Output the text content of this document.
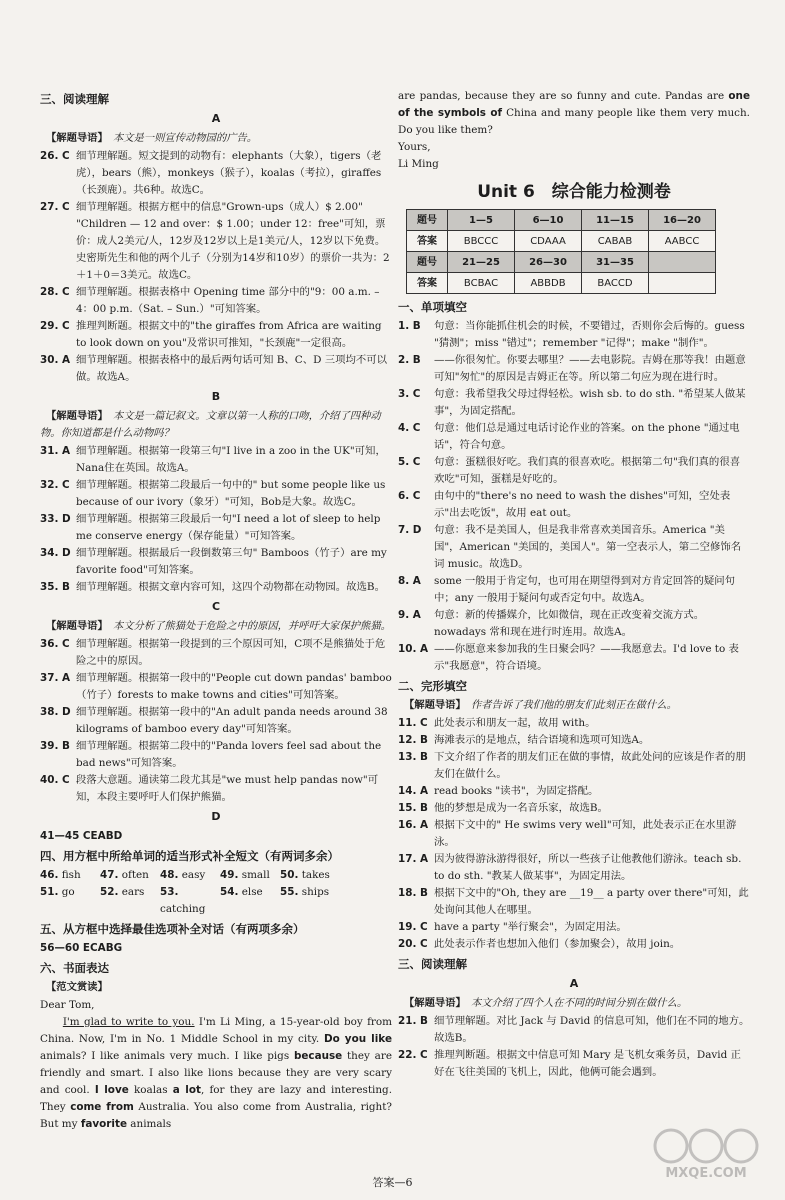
三、阅读理解
A
【解题导语】　 本文是一则宣传动物园的广告。
26. C 细节理解题。短文提到的动物有：elephants（大象），tigers（老虎），bears（熊），monkeys（猴子），koalas（考拉），giraffes（长颈鹿）。共6种。故选C。
27. C 细节理解题。根据方框中的信息"Grown-ups（成人）$ 2.00" "Children — 12 and over：$ 1.00；under 12：free"可知，票价：成人2美元/人，12岁及12岁以上是1美元/人，12岁以下免费。史密斯先生和他的两个儿子（分别为14岁和10岁）的票价一共为：2＋1＋0＝3美元。故选C。
28. C 细节理解题。根据表格中 Opening time 部分中的"9：00 a.m. – 4：00 p.m.（Sat. – Sun.）"可知答案。
29. C 推理判断题。根据文中的"the giraffes from Africa are waiting to look down on you"及常识可推知，"长颈鹿"一定很高。
30. A 细节理解题。根据表格中的最后两句话可知 B、C、D 三项均不可以做。故选A。
B
【解题导语】　 本文是一篇记叙文。文章以第一人称的口吻，介绍了四种动物。你知道都是什么动物吗？
31. A 细节理解题。根据第一段第三句"I live in a zoo in the UK"可知，Nana住在英国。故选A。
32. C 细节理解题。根据第二段最后一句中的" but some people like us because of our ivory（象牙）"可知，Bob是大象。故选C。
33. D 细节理解题。根据第三段最后一句"I need a lot of sleep to help me conserve energy（保存能量）"可知答案。
34. D 细节理解题。根据最后一段倒数第三句" Bamboos（竹子）are my favorite food"可知答案。
35. B 细节理解题。根据文章内容可知，这四个动物都在动物园。故选B。
C
【解题导语】　 本文分析了熊猫处于危险之中的原因，并呼吁大家保护熊猫。
36. C 细节理解题。根据第一段提到的三个原因可知，C项不是熊猫处于危险之中的原因。
37. A 细节理解题。根据第一段中的"People cut down pandas' bamboo（竹子）forests to make towns and cities"可知答案。
38. D 细节理解题。根据第一段中的"An adult panda needs around 38 kilograms of bamboo every day"可知答案。
39. B 细节理解题。根据第二段中的"Panda lovers feel sad about the bad news"可知答案。
40. C 段落大意题。通读第二段尤其是"we must help pandas now"可知，本段主要呼吁人们保护熊猫。
D
41—45 CEABD
四、用方框中所给单词的适当形式补全短文（有两词多余）
46. fish	47. often	48. easy	49. small 50. takes
51. go	52. ears	53. catching
54. else	55. ships
五、从方框中选择最佳选项补全对话（有两项多余）
56—60 ECABG
六、书面表达
【范文赏读】

Dear Tom,

　　I'm glad to write to you. I'm Li Ming, a 15-year-old boy from China. Now, I'm in No. 1 Middle School in my city. Do you like animals? I like animals very much. I like pigs because they are friendly and smart. I also like lions because they are very scary and cool. I love koalas a lot, for they are lazy and interesting. They come from Australia. You also come from Australia, right? But my favorite animals

are pandas, because they are so funny and cute. Pandas are one of the symbols of China and many people like them very much. Do you like them?

Yours,

Li Ming

Unit 6　综合能力检测卷
题号	1—5	6—10	11—15	16—20
答案	BBCCC	CDAAA	CABAB	AABCC
题号	21—25	26—30	31—35	
答案	BCBAC	ABBDB	BACCD	
一、单项填空
1. B	句意：当你能抓住机会的时候，不要错过，否则你会后悔的。guess "猜测"；miss "错过"；remember "记得"；make "制作"。
2. B	——你很匆忙。你要去哪里？——去电影院。吉姆在那等我！由题意可知"匆忙"的原因是吉姆正在等。所以第二句应为现在进行时。
3. C	句意：我希望我父母过得轻松。wish sb. to do sth. "希望某人做某事"，为固定搭配。
4. C	句意：他们总是通过电话讨论作业的答案。on the phone "通过电话"，符合句意。
5. C	句意：蛋糕很好吃。我们真的很喜欢吃。根据第二句"我们真的很喜欢吃"可知，蛋糕是好吃的。
6. C	由句中的"there's no need to wash the dishes"可知，空处表示"出去吃饭"，故用 eat out。
7. D	句意：我不是美国人，但是我非常喜欢美国音乐。America "美国"，American "美国的，美国人"。第一空表示人，第二空修饰名词 music。故选D。
8. A	some 一般用于肯定句，也可用在期望得到对方肯定回答的疑问句中；any 一般用于疑问句或否定句中。故选A。
9. A	句意：新的传播媒介，比如微信，现在正改变着交流方式。nowadays 常和现在进行时连用。故选A。
10. A ——你愿意来参加我的生日聚会吗？——我愿意去。I'd love to 表示"我愿意"，符合语境。
二、完形填空
【解题导语】　 作者告诉了我们他的朋友们此刻正在做什么。
11. C 此处表示和朋友一起，故用 with。
12. B 海滩表示的是地点，结合语境和选项可知选A。
13. B 下文介绍了作者的朋友们正在做的事情，故此处问的应该是作者的朋友们在做什么。
14. A read books "读书"，为固定搭配。
15. B 他的梦想是成为一名音乐家，故选B。
16. A 根据下文中的" He swims very well"可知，此处表示正在水里游泳。
17. A 因为彼得游泳游得很好，所以一些孩子让他教他们游泳。teach sb. to do sth. "教某人做某事"，为固定用法。
18. B 根据下文中的"Oh, they are __19__ a party over there"可知，此处询问其他人在哪里。
19. C have a party "举行聚会"，为固定用法。
20. C 此处表示作者也想加入他们（参加聚会），故用 join。
三、阅读理解
A
【解题导语】　 本文介绍了四个人在不同的时间分别在做什么。
21. B 细节理解题。对比 Jack 与 David 的信息可知，他们在不同的地方。故选B。
22. C 推理判断题。根据文中信息可知 Mary 是飞机女乘务员，David 正好在飞往美国的飞机上，因此，他俩可能会遇到。
答案—6
MXQE.COM
